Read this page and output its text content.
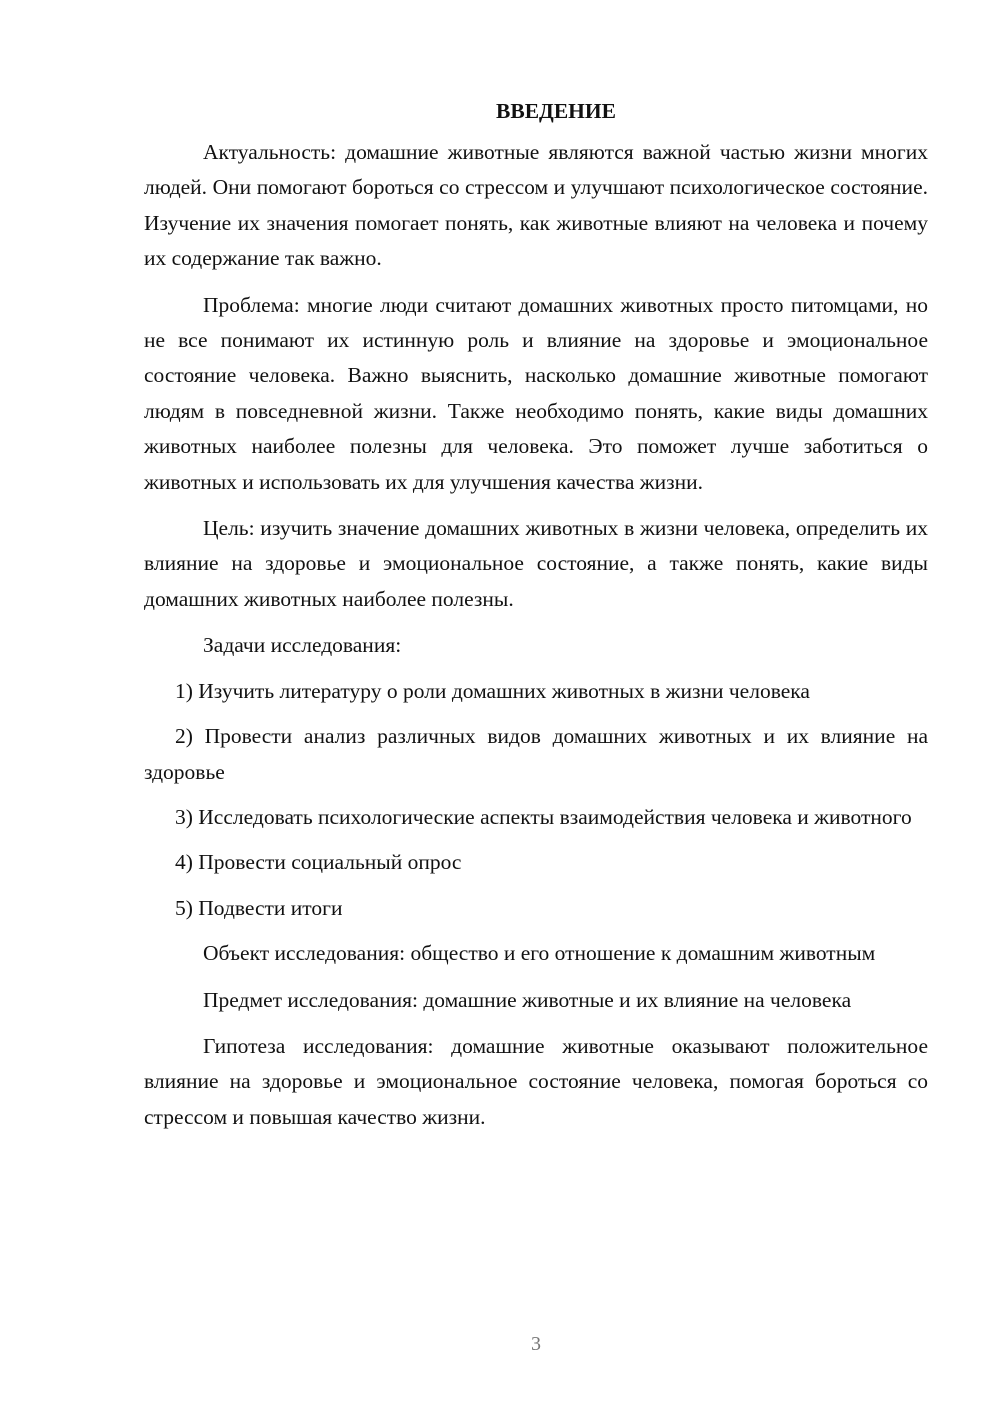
ВВЕДЕНИЕ

Актуальность: домашние животные являются важной частью жизни многих людей. Они помогают бороться со стрессом и улучшают психологическое состояние. Изучение их значения помогает понять, как животные влияют на человека и почему их содержание так важно.

Проблема: многие люди считают домашних животных просто питомцами, но не все понимают их истинную роль и влияние на здоровье и эмоциональное состояние человека. Важно выяснить, насколько домашние животные помогают людям в повседневной жизни. Также необходимо понять, какие виды домашних животных наиболее полезны для человека. Это поможет лучше заботиться о животных и использовать их для улучшения качества жизни.

Цель: изучить значение домашних животных в жизни человека, определить их влияние на здоровье и эмоциональное состояние, а также понять, какие виды домашних животных наиболее полезны.

Задачи исследования:

1) Изучить литературу о роли домашних животных в жизни человека

2) Провести анализ различных видов домашних животных и их влияние на здоровье

3) Исследовать психологические аспекты взаимодействия человека и животного

4) Провести социальный опрос

5) Подвести итоги

Объект исследования: общество и его отношение к домашним животным

Предмет исследования: домашние животные и их влияние на человека

Гипотеза исследования: домашние животные оказывают положительное влияние на здоровье и эмоциональное состояние человека, помогая бороться со стрессом и повышая качество жизни.

3
